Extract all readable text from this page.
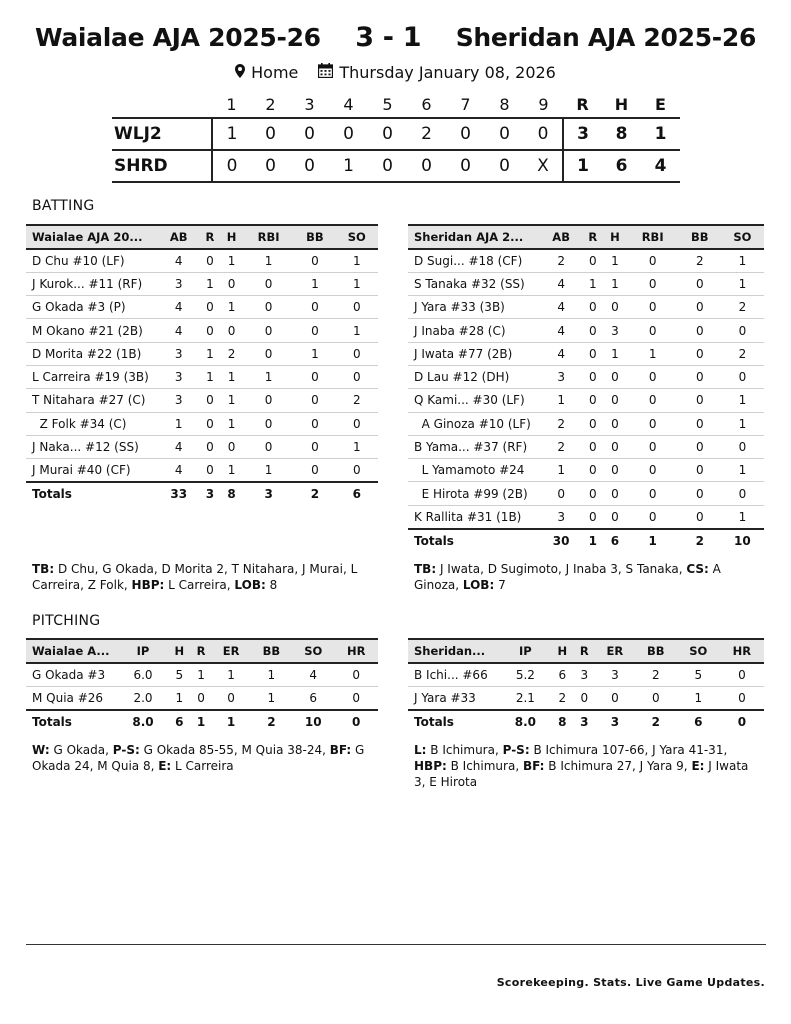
Waialae AJA 2025-26 3 - 1 Sheridan AJA 2025-26
Home	Thursday January 08, 2026
	1	2	3	4	5	6	7	8	9	R	H	E
WLJ2	1	0	0	0	0	2	0	0	0	3	8	1
SHRD	0	0	0	1	0	0	0	0	X	1	6	4
BATTING
Waialae AJA 20...	AB	R	H	RBI	BB	SO
D Chu #10 (LF)	4	0	1	1	0	1
J Kurok... #11 (RF)	3	1	0	0	1	1
G Okada #3 (P)	4	0	1	0	0	0
M Okano #21 (2B)	4	0	0	0	0	1
D Morita #22 (1B)	3	1	2	0	1	0
L Carreira #19 (3B)	3	1	1	1	0	0
T Nitahara #27 (C)	3	0	1	0	0	2
Z Folk #34 (C)	1	0	1	0	0	0
J Naka... #12 (SS)	4	0	0	0	0	1
J Murai #40 (CF)	4	0	1	1	0	0
Totals	33	3	8	3	2	6
Sheridan AJA 2...	AB	R	H	RBI	BB	SO
D Sugi... #18 (CF)	2	0	1	0	2	1
S Tanaka #32 (SS)	4	1	1	0	0	1
J Yara #33 (3B)	4	0	0	0	0	2
J Inaba #28 (C)	4	0	3	0	0	0
J Iwata #77 (2B)	4	0	1	1	0	2
D Lau #12 (DH)	3	0	0	0	0	0
Q Kami... #30 (LF)	1	0	0	0	0	1
A Ginoza #10 (LF)	2	0	0	0	0	1
B Yama... #37 (RF)	2	0	0	0	0	0
L Yamamoto #24	1	0	0	0	0	1
E Hirota #99 (2B)	0	0	0	0	0	0
K Rallita #31 (1B)	3	0	0	0	0	1
Totals	30	1	6	1	2	10
TB: D Chu, G Okada, D Morita 2, T Nitahara, J Murai, L Carreira, Z Folk, HBP: L Carreira, LOB: 8
TB: J Iwata, D Sugimoto, J Inaba 3, S Tanaka, CS: A Ginoza, LOB: 7
PITCHING
Waialae A...	IP	H	R	ER	BB	SO	HR
G Okada #3	6.0	5	1	1	1	4	0
M Quia #26	2.0	1	0	0	1	6	0
Totals	8.0	6	1	1	2	10	0
Sheridan...	IP	H	R	ER	BB	SO	HR
B Ichi... #66	5.2	6	3	3	2	5	0
J Yara #33	2.1	2	0	0	0	1	0
Totals	8.0	8	3	3	2	6	0
W: G Okada, P-S: G Okada 85-55, M Quia 38-24, BF: G Okada 24, M Quia 8, E: L Carreira
L: B Ichimura, P-S: B Ichimura 107-66, J Yara 41-31, HBP: B Ichimura, BF: B Ichimura 27, J Yara 9, E: J Iwata 3, E Hirota
Scorekeeping. Stats. Live Game Updates.
